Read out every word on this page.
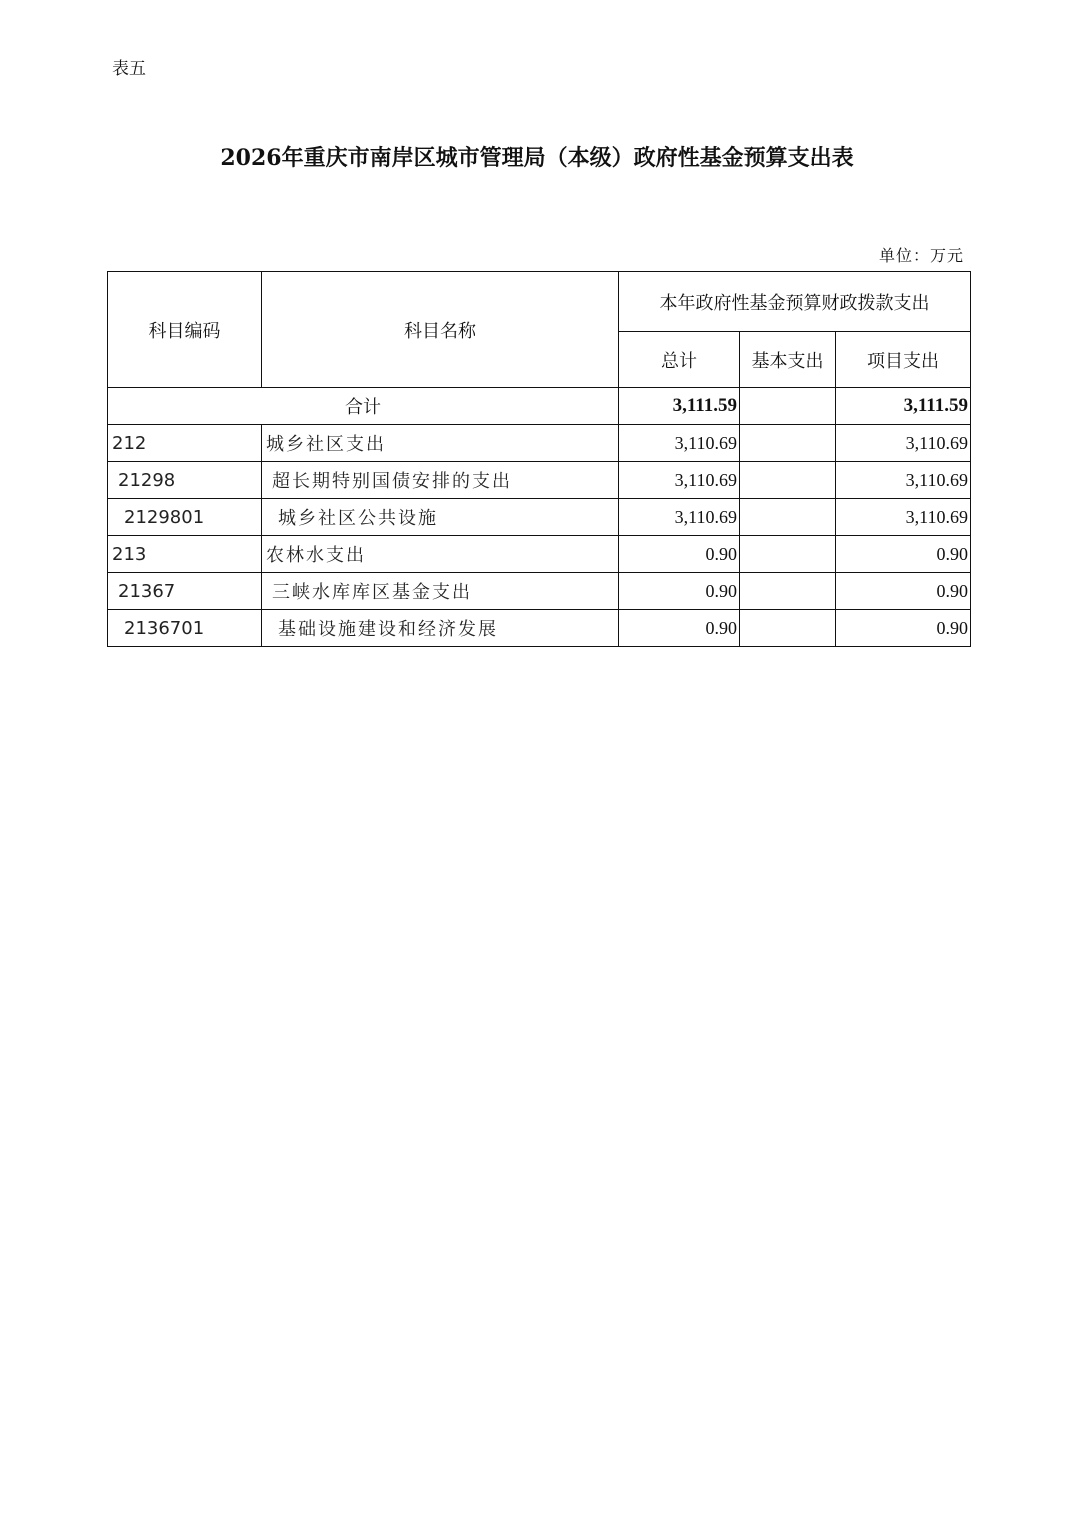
表五
2026年重庆市南岸区城市管理局（本级）政府性基金预算支出表
单位：万元
科目编码	科目名称	本年政府性基金预算财政拨款支出		
		总计	基本支出	项目支出
合计		3,111.59		3,111.59
212	城乡社区支出	3,110.69		3,110.69
21298	超长期特别国债安排的支出	3,110.69		3,110.69
2129801	城乡社区公共设施	3,110.69		3,110.69
213	农林水支出	0.90		0.90
21367	三峡水库库区基金支出	0.90		0.90
2136701	基础设施建设和经济发展	0.90		0.90
